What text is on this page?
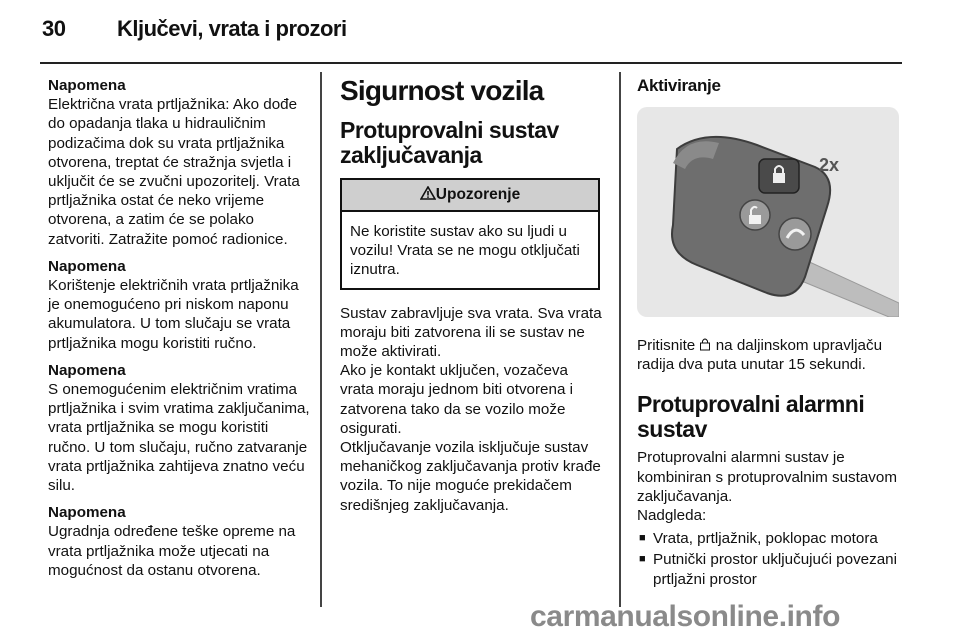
30 Ključevi, vrata i prozori

Napomena

Električna vrata prtljažnika: Ako dođe do opadanja tlaka u hidrauličnim podizačima dok su vrata prtljažnika otvorena, treptat će stražnja svjetla i uključit će se zvučni upozoritelj. Vrata prtljažnika ostat će neko vrijeme otvorena, a zatim će se polako zatvoriti. Zatražite pomoć radionice.

Napomena

Korištenje električnih vrata prtljažnika je onemogućeno pri niskom naponu akumulatora. U tom slučaju se vrata prtljažnika mogu koristiti ručno.

Napomena

S onemogućenim električnim vratima prtljažnika i svim vratima zaključanima, vrata prtljažnika se mogu koristiti ručno. U tom slučaju, ručno zatvaranje vrata prtljažnika zahtijeva znatno veću silu.

Napomena

Ugradnja određene teške opreme na vrata prtljažnika može utjecati na mogućnost da ostanu otvorena.

Sigurnost vozila
Protuprovalni sustav zaključavanja
Upozorenje
Ne koristite sustav ako su ljudi u vozilu! Vrata se ne mogu otključati iznutra.

Sustav zabravljuje sva vrata. Sva vrata moraju biti zatvorena ili se sustav ne može aktivirati.

Ako je kontakt uključen, vozačeva vrata moraju jednom biti otvorena i zatvorena tako da se vozilo može osigurati.

Otključavanje vozila isključuje sustav mehaničkog zaključavanja protiv krađe vozila. To nije moguće prekidačem središnjeg zaključavanja.

Aktiviranje
2x

Pritisnite na daljinskom upravljaču radija dva puta unutar 15 sekundi.

Protuprovalni alarmni sustav

Protuprovalni alarmni sustav je kombiniran s protuprovalnim sustavom zaključavanja.

Nadgleda:

■ Vrata, prtljažnik, poklopac motora
■ Putnički prostor uključujući povezani prtljažni prostor
carmanualsonline.info
